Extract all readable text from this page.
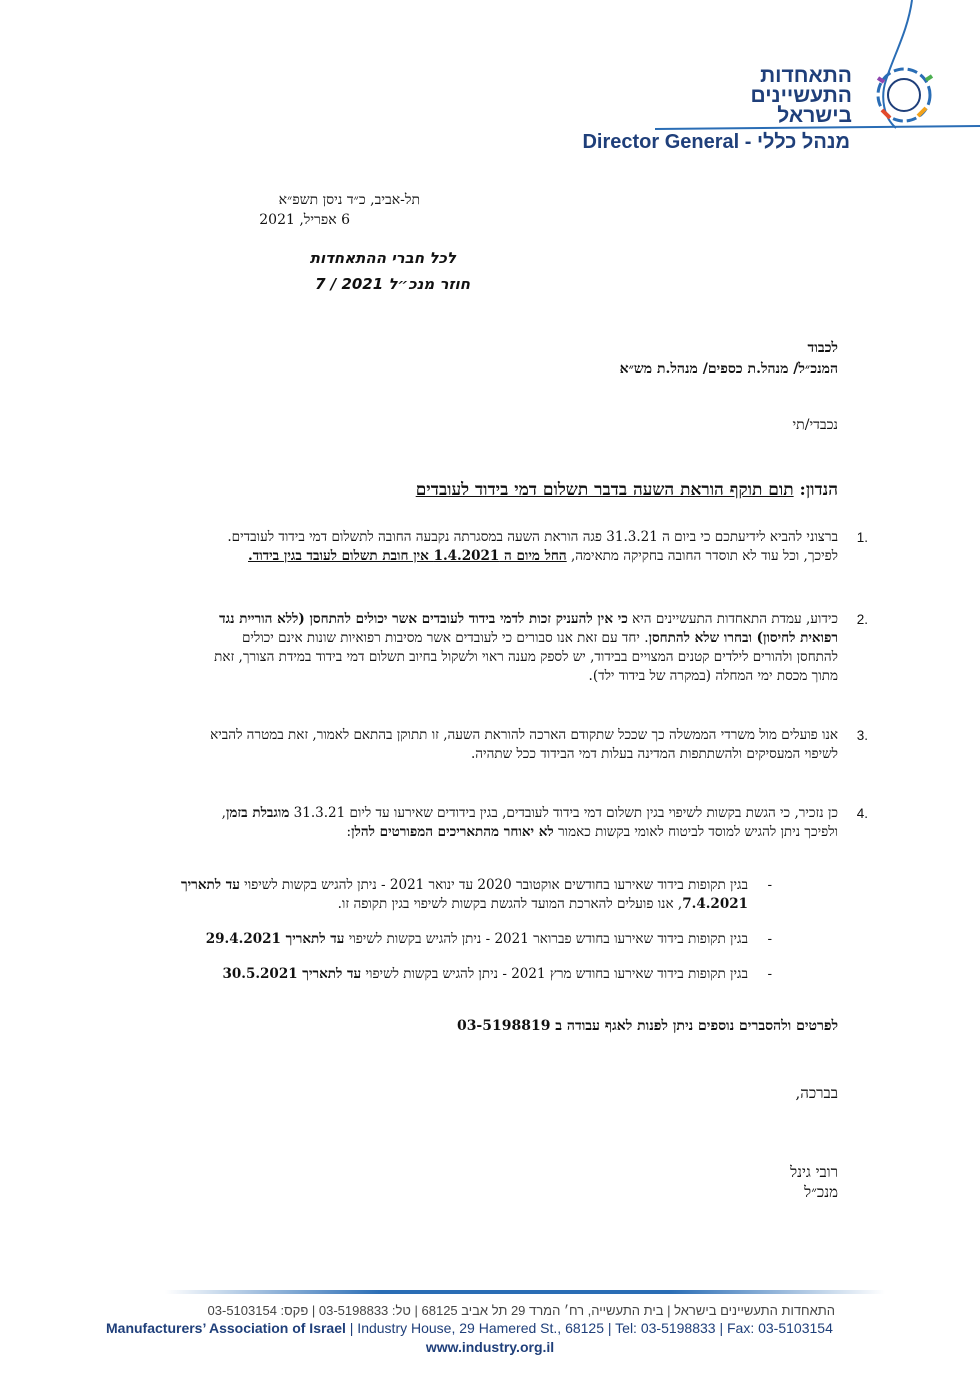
התאחדות
התעשיינים
בישראל
Director General - מנהל כללי
תל-אביב, כ״ד ניסן תשפ״א
6 אפריל, 2021
לכל חברי ההתאחדות
חוזר מנכ״ל 2021 / 7
לכבוד
המנכ״ל/ מנהל.ת כספים/ מנהל.ת מש״א
נכבדי/תי
הנדון: תום תוקף הוראת השעה בדבר תשלום דמי בידוד לעובדים
.1
ברצוני להביא לידיעתכם כי ביום ה 31.3.21 פגה הוראת השעה במסגרתה נקבעה החובה לתשלום דמי בידוד לעובדים. לפיכך, וכל עוד לא תוסדר החובה בחקיקה מתאימה, החל מיום ה 1.4.2021 אין חובת תשלום לעובד בגין בידוד.
.2
כידוע, עמדת התאחדות התעשיינים היא כי אין להעניק זכות לדמי בידוד לעובדים אשר יכולים להתחסן (ללא הוריית נגד רפואית לחיסון) ובחרו שלא להתחסן. יחד עם זאת אנו סבורים כי לעובדים אשר מסיבות רפואיות שונות אינם יכולים להתחסן ולהורים לילדים קטנים המצויים בבידוד, יש לספק מענה ראוי ולשקול בחיוב תשלום דמי בידוד במידת הצורך, זאת מתוך מכסת ימי המחלה (במקרה של בידוד ילד).
.3
אנו פועלים מול משרדי הממשלה כך שככל שתקודם הארכה להוראת השעה, זו תתוקן בהתאם לאמור, זאת במטרה להביא לשיפוי המעסיקים ולהשתתפות המדינה בעלות דמי הבידוד ככל שתהיה.
.4
כן נזכיר, כי הגשת בקשות לשיפוי בגין תשלום דמי בידוד לעובדים, בגין בידודים שאירעו עד ליום 31.3.21 מוגבלת בזמן, ולפיכך ניתן להגיש למוסד לביטוח לאומי בקשות כאמור לא יאוחר מהתאריכים המפורטים להלן:
-
בגין תקופות בידוד שאירעו בחודשים אוקטובר 2020 עד ינואר 2021 - ניתן להגיש בקשות לשיפוי עד לתאריך 7.4.2021, אנו פועלים להארכת המועד להגשת בקשות לשיפוי בגין תקופה זו.
-
בגין תקופות בידוד שאירעו בחודש פברואר 2021 - ניתן להגיש בקשות לשיפוי עד לתאריך 29.4.2021
-
בגין תקופות בידוד שאירעו בחודש מרץ 2021 - ניתן להגיש בקשות לשיפוי עד לתאריך 30.5.2021
לפרטים ולהסברים נוספים ניתן לפנות לאגף עבודה ב 03-5198819
בברכה,
רובי גינל
מנכ״ל
התאחדות התעשיינים בישראל | בית התעשייה, רח׳ המרד 29 תל אביב 68125 | טל: 03-5198833 | פקס: 03-5103154
Manufacturers’ Association of Israel | Industry House, 29 Hamered St., 68125 | Tel: 03-5198833 | Fax: 03-5103154
www.industry.org.il
